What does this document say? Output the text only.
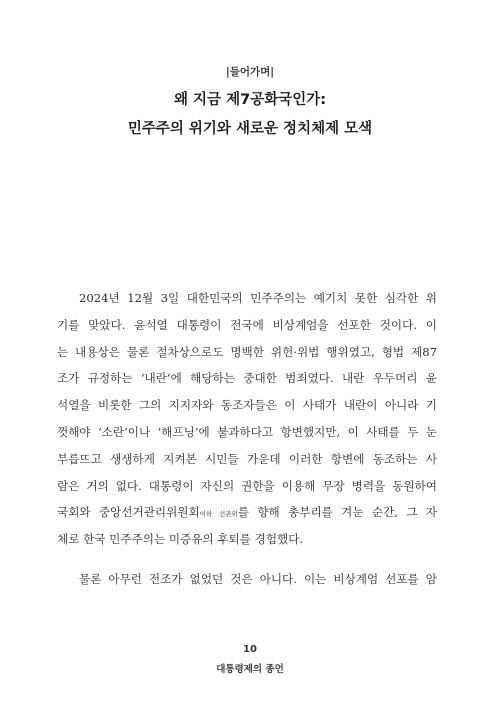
|들어가며|
왜 지금 제7공화국인가:
민주주의 위기와 새로운 정치체제 모색
2024년 12월 3일 대한민국의 민주주의는 예기치 못한 심각한 위
기를 맞았다. 윤석열 대통령이 전국에 비상계엄을 선포한 것이다. 이
는 내용상은 물론 절차상으로도 명백한 위헌·위법 행위였고, 형법 제87
조가 규정하는 ‘내란’에 해당하는 중대한 범죄였다. 내란 우두머리 윤
석열을 비롯한 그의 지지자와 동조자들은 이 사태가 내란이 아니라 기
껏해야 ‘소란’이나 ‘해프닝’에 불과하다고 항변했지만, 이 사태를 두 눈
부릅뜨고 생생하게 지켜본 시민들 가운데 이러한 항변에 동조하는 사
람은 거의 없다. 대통령이 자신의 권한을 이용해 무장 병력을 동원하여
국회와 중앙선거관리위원회이하 선관위를 향해 총부리를 겨눈 순간, 그 자
체로 한국 민주주의는 미증유의 후퇴를 경험했다.
물론 아무런 전조가 없었던 것은 아니다. 이는 비상계엄 선포를 암
10
대통령제의 종언
